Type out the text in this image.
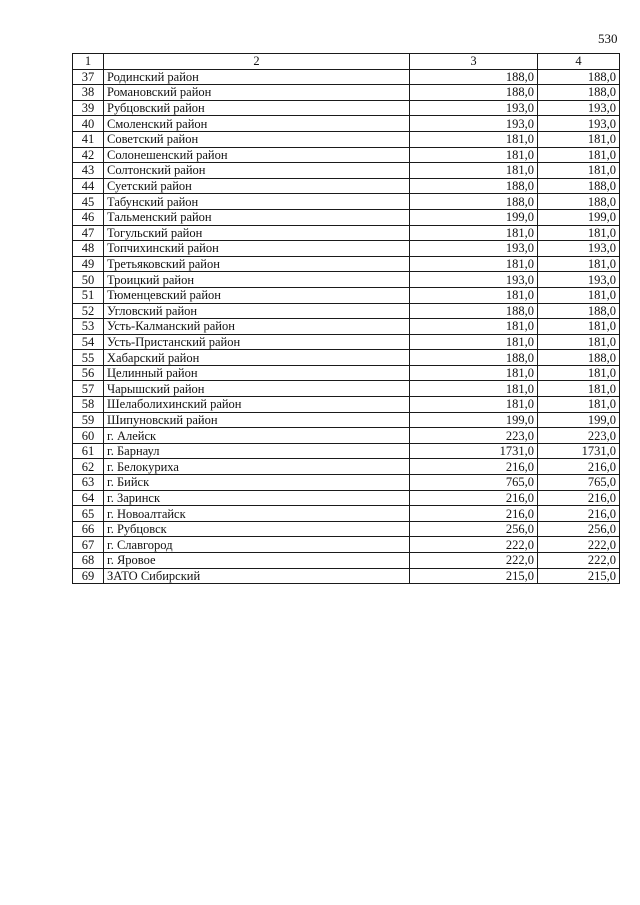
530
1	2	3	4
37	Родинский район	188,0	188,0
38	Романовский район	188,0	188,0
39	Рубцовский район	193,0	193,0
40	Смоленский район	193,0	193,0
41	Советский район	181,0	181,0
42	Солонешенский район	181,0	181,0
43	Солтонский район	181,0	181,0
44	Суетский район	188,0	188,0
45	Табунский район	188,0	188,0
46	Тальменский район	199,0	199,0
47	Тогульский район	181,0	181,0
48	Топчихинский район	193,0	193,0
49	Третьяковский район	181,0	181,0
50	Троицкий район	193,0	193,0
51	Тюменцевский район	181,0	181,0
52	Угловский район	188,0	188,0
53	Усть-Калманский район	181,0	181,0
54	Усть-Пристанский район	181,0	181,0
55	Хабарский район	188,0	188,0
56	Целинный район	181,0	181,0
57	Чарышский район	181,0	181,0
58	Шелаболихинский район	181,0	181,0
59	Шипуновский район	199,0	199,0
60	г. Алейск	223,0	223,0
61	г. Барнаул	1731,0	1731,0
62	г. Белокуриха	216,0	216,0
63	г. Бийск	765,0	765,0
64	г. Заринск	216,0	216,0
65	г. Новоалтайск	216,0	216,0
66	г. Рубцовск	256,0	256,0
67	г. Славгород	222,0	222,0
68	г. Яровое	222,0	222,0
69	ЗАТО Сибирский	215,0	215,0
